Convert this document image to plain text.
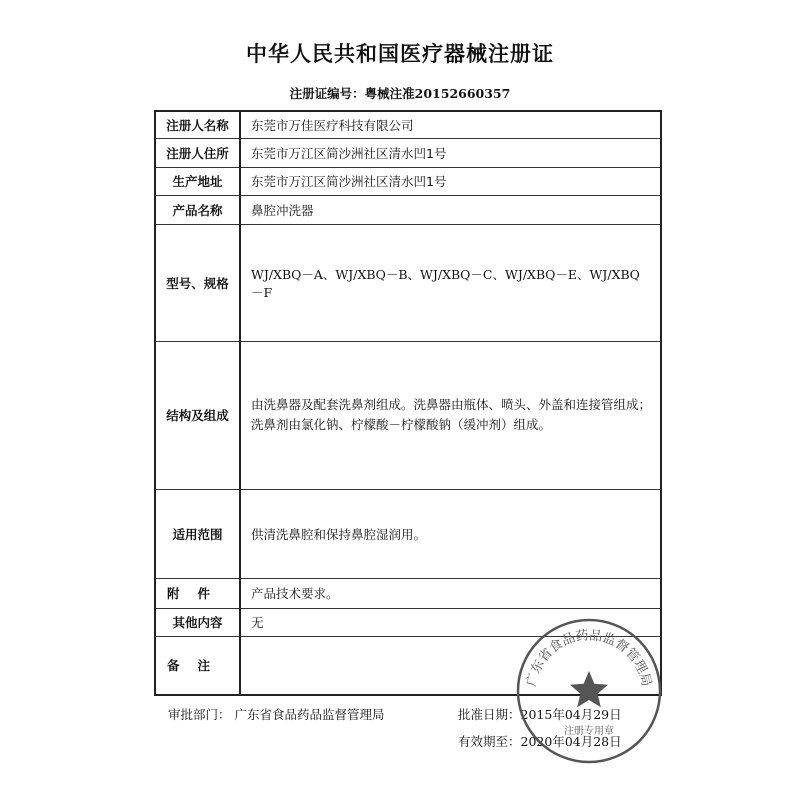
中华人民共和国医疗器械注册证
注册证编号：粤械注准20152660357
注册人名称	东莞市万佳医疗科技有限公司
注册人住所	东莞市万江区简沙洲社区清水凹1号
生产地址	东莞市万江区简沙洲社区清水凹1号
产品名称	鼻腔冲洗器
型号、规格	WJ/XBQ－A、WJ/XBQ－B、WJ/XBQ－C、WJ/XBQ－E、WJ/XBQ－F
结构及组成	由洗鼻器及配套洗鼻剂组成。洗鼻器由瓶体、喷头、外盖和连接管组成；洗鼻剂由氯化钠、柠檬酸－柠檬酸钠（缓冲剂）组成。
适用范围	供清洗鼻腔和保持鼻腔湿润用。
附件	产品技术要求。
其他内容	无
备注	
审批部门： 广东省食品药品监督管理局	批准日期：2015年04月29日
有效期至：2020年04月28日
广东省食品药品监督管理局
注册专用章
